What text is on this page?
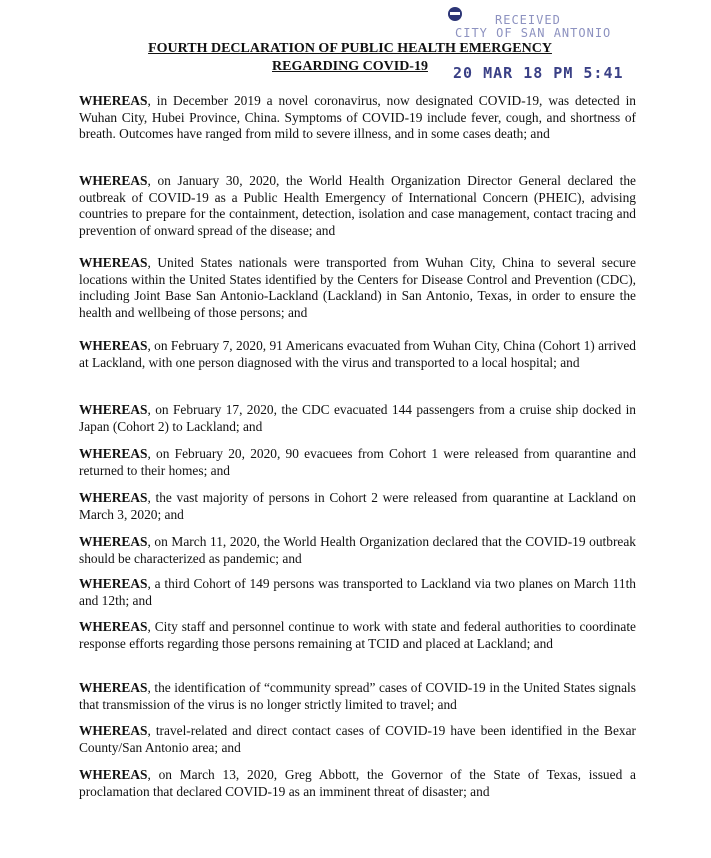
RECEIVED
CITY OF SAN ANTONIO
20 MAR 18 PM 5:41
FOURTH DECLARATION OF PUBLIC HEALTH EMERGENCY
REGARDING COVID-19

WHEREAS, in December 2019 a novel coronavirus, now designated COVID-19, was detected in Wuhan City, Hubei Province, China. Symptoms of COVID-19 include fever, cough, and shortness of breath. Outcomes have ranged from mild to severe illness, and in some cases death; and

WHEREAS, on January 30, 2020, the World Health Organization Director General declared the outbreak of COVID-19 as a Public Health Emergency of International Concern (PHEIC), advising countries to prepare for the containment, detection, isolation and case management, contact tracing and prevention of onward spread of the disease; and

WHEREAS, United States nationals were transported from Wuhan City, China to several secure locations within the United States identified by the Centers for Disease Control and Prevention (CDC), including Joint Base San Antonio-Lackland (Lackland) in San Antonio, Texas, in order to ensure the health and wellbeing of those persons; and

WHEREAS, on February 7, 2020, 91 Americans evacuated from Wuhan City, China (Cohort 1) arrived at Lackland, with one person diagnosed with the virus and transported to a local hospital; and

WHEREAS, on February 17, 2020, the CDC evacuated 144 passengers from a cruise ship docked in Japan (Cohort 2) to Lackland; and

WHEREAS, on February 20, 2020, 90 evacuees from Cohort 1 were released from quarantine and returned to their homes; and

WHEREAS, the vast majority of persons in Cohort 2 were released from quarantine at Lackland on March 3, 2020; and

WHEREAS, on March 11, 2020, the World Health Organization declared that the COVID-19 outbreak should be characterized as pandemic; and

WHEREAS, a third Cohort of 149 persons was transported to Lackland via two planes on March 11th and 12th; and

WHEREAS, City staff and personnel continue to work with state and federal authorities to coordinate response efforts regarding those persons remaining at TCID and placed at Lackland; and

WHEREAS, the identification of “community spread” cases of COVID-19 in the United States signals that transmission of the virus is no longer strictly limited to travel; and

WHEREAS, travel-related and direct contact cases of COVID-19 have been identified in the Bexar County/San Antonio area; and

WHEREAS, on March 13, 2020, Greg Abbott, the Governor of the State of Texas, issued a proclamation that declared COVID-19 as an imminent threat of disaster; and
